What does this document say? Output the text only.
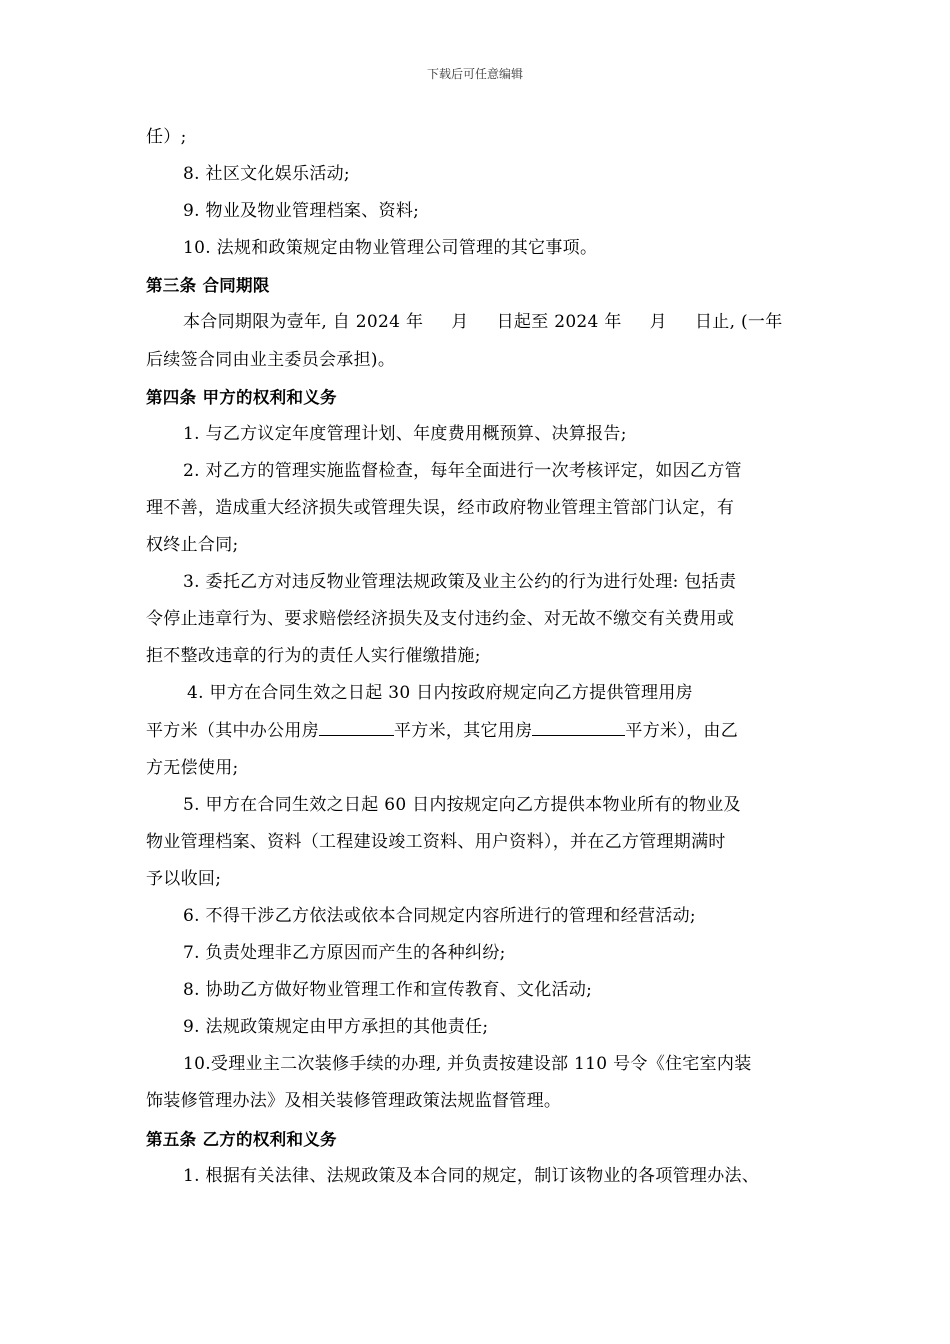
下载后可任意编辑
任）;
8. 社区文化娱乐活动;
9. 物业及物业管理档案、资料;
10. 法规和政策规定由物业管理公司管理的其它事项。
第三条 合同期限
本合同期限为壹年, 自 2024 年 月 日起至 2024 年 月 日止, (一年
后续签合同由业主委员会承担)。
第四条 甲方的权利和义务
1. 与乙方议定年度管理计划、年度费用概预算、决算报告;
2. 对乙方的管理实施监督检查，每年全面进行一次考核评定，如因乙方管
理不善，造成重大经济损失或管理失误，经市政府物业管理主管部门认定，有
权终止合同;
3. 委托乙方对违反物业管理法规政策及业主公约的行为进行处理: 包括责
令停止违章行为、要求赔偿经济损失及支付违约金、对无故不缴交有关费用或
拒不整改违章的行为的责任人实行催缴措施;
4. 甲方在合同生效之日起 30 日内按政府规定向乙方提供管理用房
平方米（其中办公用房	平方米，其它用房	平方米），由乙
方无偿使用;
5. 甲方在合同生效之日起 60 日内按规定向乙方提供本物业所有的物业及
物业管理档案、资料（工程建设竣工资料、用户资料），并在乙方管理期满时
予以收回;
6. 不得干涉乙方依法或依本合同规定内容所进行的管理和经营活动;
7. 负责处理非乙方原因而产生的各种纠纷;
8. 协助乙方做好物业管理工作和宣传教育、文化活动;
9. 法规政策规定由甲方承担的其他责任;
10.受理业主二次装修手续的办理, 并负责按建设部 110 号令《住宅室内装
饰装修管理办法》及相关装修管理政策法规监督管理。
第五条 乙方的权利和义务
1. 根据有关法律、法规政策及本合同的规定，制订该物业的各项管理办法、
